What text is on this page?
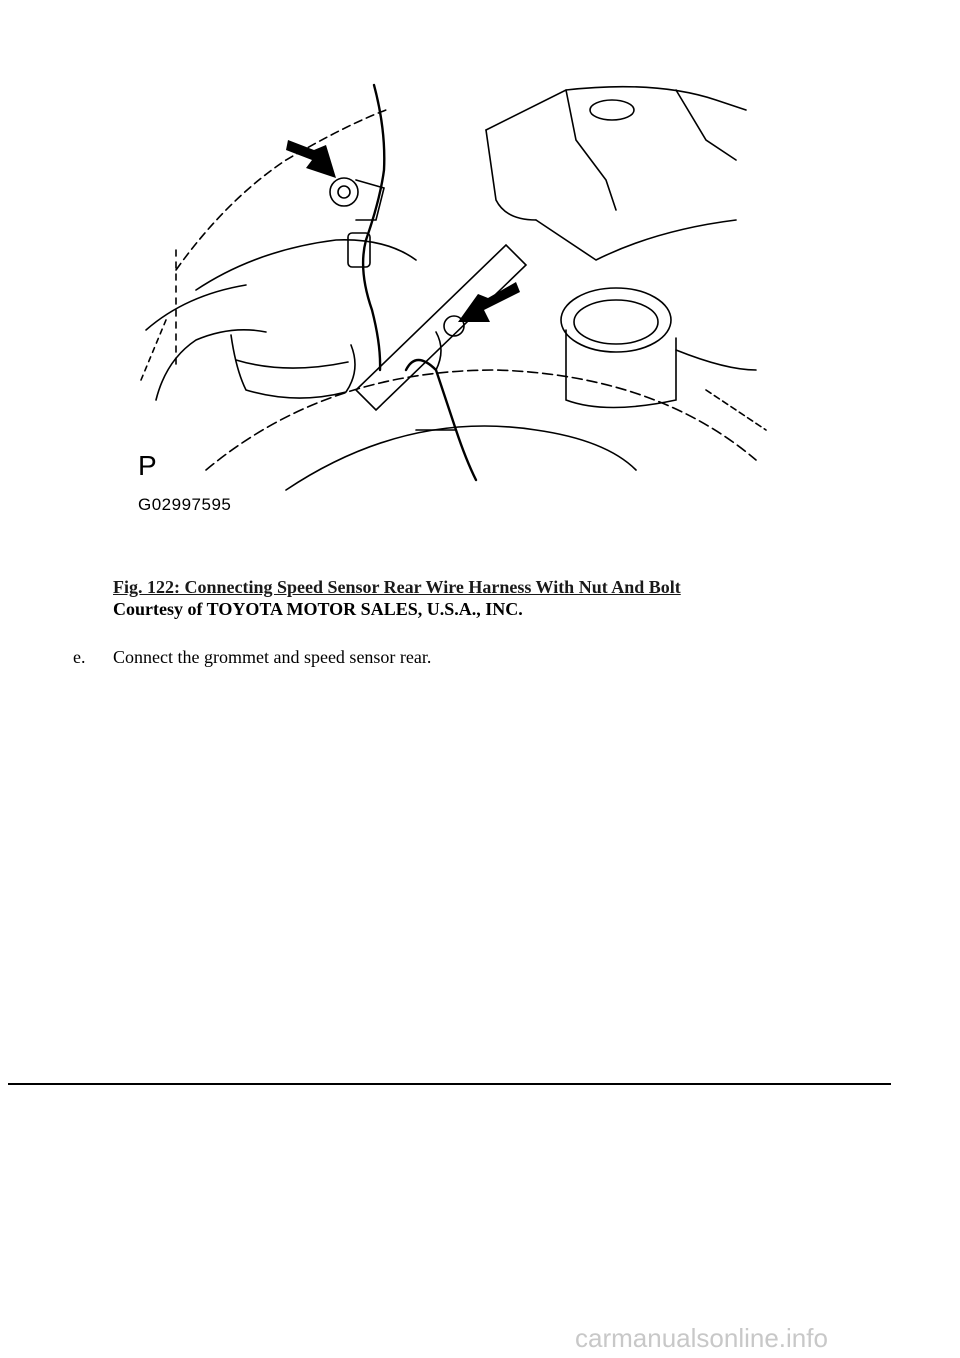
P
G02997595
Fig. 122: Connecting Speed Sensor Rear Wire Harness With Nut And Bolt
Courtesy of TOYOTA MOTOR SALES, U.S.A., INC.
e. Connect the grommet and speed sensor rear.
carmanualsonline.info
